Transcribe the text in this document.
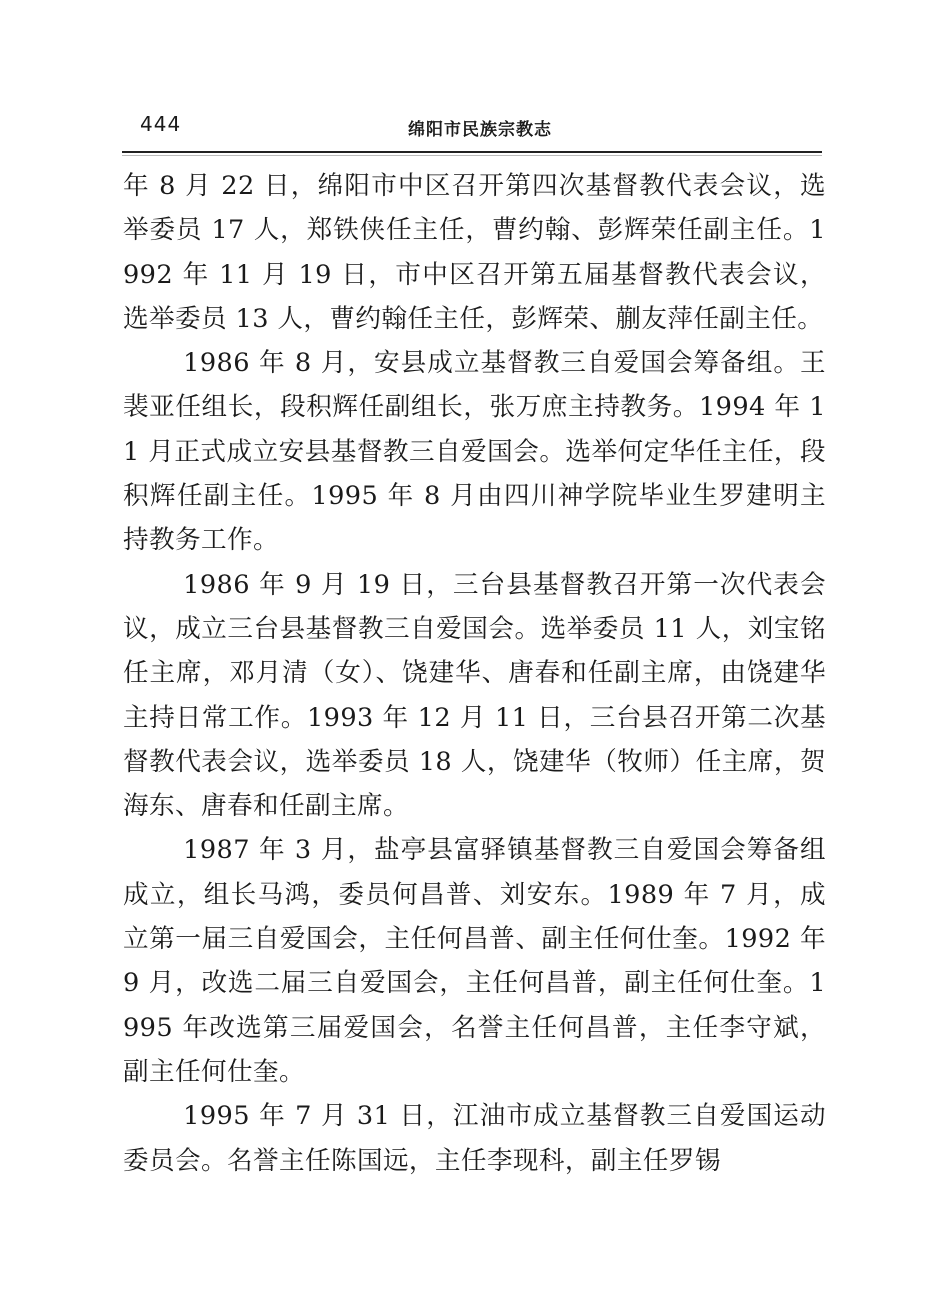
444	绵阳市民族宗教志

年 8 月 22 日，绵阳市中区召开第四次基督教代表会议，选举委员 17 人，郑铁侠任主任，曹约翰、彭辉荣任副主任。1992 年 11 月 19 日，市中区召开第五届基督教代表会议，选举委员 13 人，曹约翰任主任，彭辉荣、蒯友萍任副主任。

1986 年 8 月，安县成立基督教三自爱国会筹备组。王裴亚任组长，段积辉任副组长，张万庶主持教务。1994 年 11 月正式成立安县基督教三自爱国会。选举何定华任主任，段积辉任副主任。1995 年 8 月由四川神学院毕业生罗建明主持教务工作。

1986 年 9 月 19 日，三台县基督教召开第一次代表会议，成立三台县基督教三自爱国会。选举委员 11 人，刘宝铭任主席，邓月清（女）、饶建华、唐春和任副主席，由饶建华主持日常工作。1993 年 12 月 11 日，三台县召开第二次基督教代表会议，选举委员 18 人，饶建华（牧师）任主席，贺海东、唐春和任副主席。

1987 年 3 月，盐亭县富驿镇基督教三自爱国会筹备组成立，组长马鸿，委员何昌普、刘安东。1989 年 7 月，成立第一届三自爱国会，主任何昌普、副主任何仕奎。1992 年 9 月，改选二届三自爱国会，主任何昌普，副主任何仕奎。1995 年改选第三届爱国会，名誉主任何昌普，主任李守斌，副主任何仕奎。

1995 年 7 月 31 日，江油市成立基督教三自爱国运动委员会。名誉主任陈国远，主任李现科，副主任罗锡
